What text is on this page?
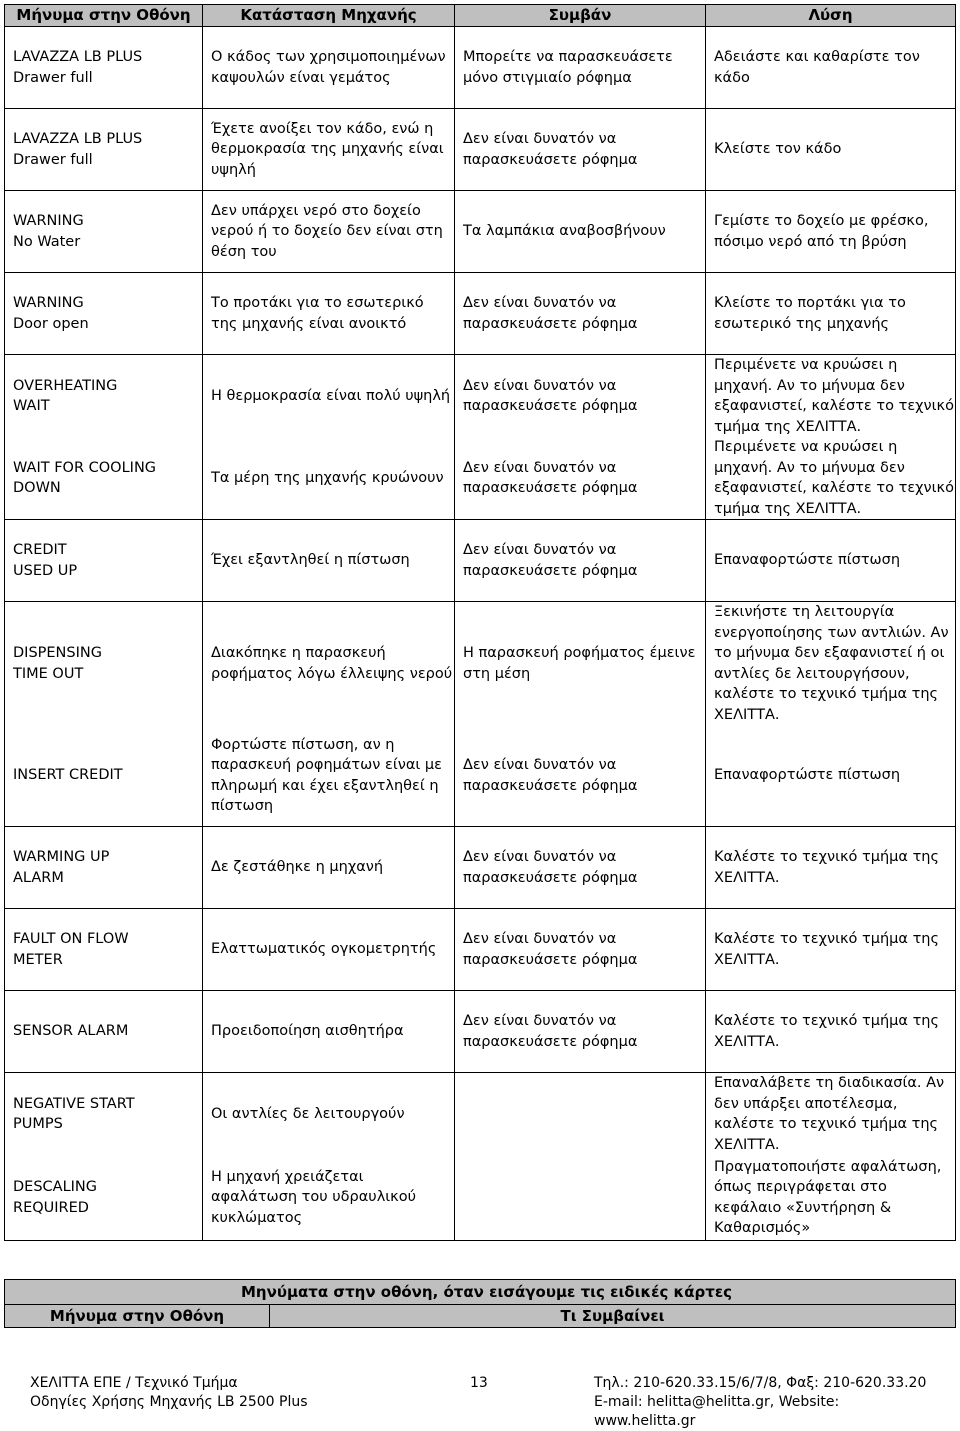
Μήνυμα στην Οθόνη	Κατάσταση Μηχανής	Συμβάν	Λύση
LAVAZZA LB PLUS
Drawer full	Ο κάδος των χρησιμοποιημένων καψουλών είναι γεμάτος	Μπορείτε να παρασκευάσετε μόνο στιγμιαίο ρόφημα	Αδειάστε και καθαρίστε τον κάδο
LAVAZZA LB PLUS
Drawer full	Έχετε ανοίξει τον κάδο, ενώ η θερμοκρασία της μηχανής είναι υψηλή	Δεν είναι δυνατόν να παρασκευάσετε ρόφημα	Κλείστε τον κάδο
WARNING
No Water	Δεν υπάρχει νερό στο δοχείο νερού ή το δοχείο δεν είναι στη θέση του	Τα λαμπάκια αναβοσβήνουν	Γεμίστε το δοχείο με φρέσκο, πόσιμο νερό από τη βρύση
WARNING
Door open	Το προτάκι για το εσωτερικό της μηχανής είναι ανοικτό	Δεν είναι δυνατόν να παρασκευάσετε ρόφημα	Κλείστε το πορτάκι για το εσωτερικό της μηχανής
OVERHEATING
WAIT	Η θερμοκρασία είναι πολύ υψηλή	Δεν είναι δυνατόν να παρασκευάσετε ρόφημα	Περιμένετε να κρυώσει η μηχανή. Αν το μήνυμα δεν εξαφανιστεί, καλέστε το τεχνικό τμήμα της ΧΕΛΙΤΤΑ.
WAIT FOR COOLING
DOWN	Τα μέρη της μηχανής κρυώνουν	Δεν είναι δυνατόν να παρασκευάσετε ρόφημα	Περιμένετε να κρυώσει η μηχανή. Αν το μήνυμα δεν εξαφανιστεί, καλέστε το τεχνικό τμήμα της ΧΕΛΙΤΤΑ.
CREDIT
USED UP	Έχει εξαντληθεί η πίστωση	Δεν είναι δυνατόν να παρασκευάσετε ρόφημα	Επαναφορτώστε πίστωση
DISPENSING
TIME OUT	Διακόπηκε η παρασκευή ροφήματος λόγω έλλειψης νερού	Η παρασκευή ροφήματος έμεινε στη μέση	Ξεκινήστε τη λειτουργία ενεργοποίησης των αντλιών. Αν το μήνυμα δεν εξαφανιστεί ή οι αντλίες δε λειτουργήσουν, καλέστε το τεχνικό τμήμα της ΧΕΛΙΤΤΑ.
INSERT CREDIT	Φορτώστε πίστωση, αν η παρασκευή ροφημάτων είναι με πληρωμή και έχει εξαντληθεί η πίστωση	Δεν είναι δυνατόν να παρασκευάσετε ρόφημα	Επαναφορτώστε πίστωση
WARMING UP
ALARM	Δε ζεστάθηκε η μηχανή	Δεν είναι δυνατόν να παρασκευάσετε ρόφημα	Καλέστε το τεχνικό τμήμα της ΧΕΛΙΤΤΑ.
FAULT ON FLOW
METER	Ελαττωματικός ογκομετρητής	Δεν είναι δυνατόν να παρασκευάσετε ρόφημα	Καλέστε το τεχνικό τμήμα της ΧΕΛΙΤΤΑ.
SENSOR ALARM	Προειδοποίηση αισθητήρα	Δεν είναι δυνατόν να παρασκευάσετε ρόφημα	Καλέστε το τεχνικό τμήμα της ΧΕΛΙΤΤΑ.
NEGATIVE START
PUMPS	Οι αντλίες δε λειτουργούν		Επαναλάβετε τη διαδικασία. Αν δεν υπάρξει αποτέλεσμα, καλέστε το τεχνικό τμήμα της ΧΕΛΙΤΤΑ.
DESCALING
REQUIRED	Η μηχανή χρειάζεται αφαλάτωση του υδραυλικού κυκλώματος		Πραγματοποιήστε αφαλάτωση, όπως περιγράφεται στο κεφάλαιο «Συντήρηση & Καθαρισμός»
Μηνύματα στην οθόνη, όταν εισάγουμε τις ειδικές κάρτες
Μήνυμα στην Οθόνη	Τι Συμβαίνει
ΧΕΛΙΤΤΑ ΕΠΕ / Τεχνικό Τμήμα
Οδηγίες Χρήσης Μηχανής LB 2500 Plus
13	Τηλ.: 210-620.33.15/6/7/8, Φαξ: 210-620.33.20
E-mail: helitta@helitta.gr, Website: www.helitta.gr
